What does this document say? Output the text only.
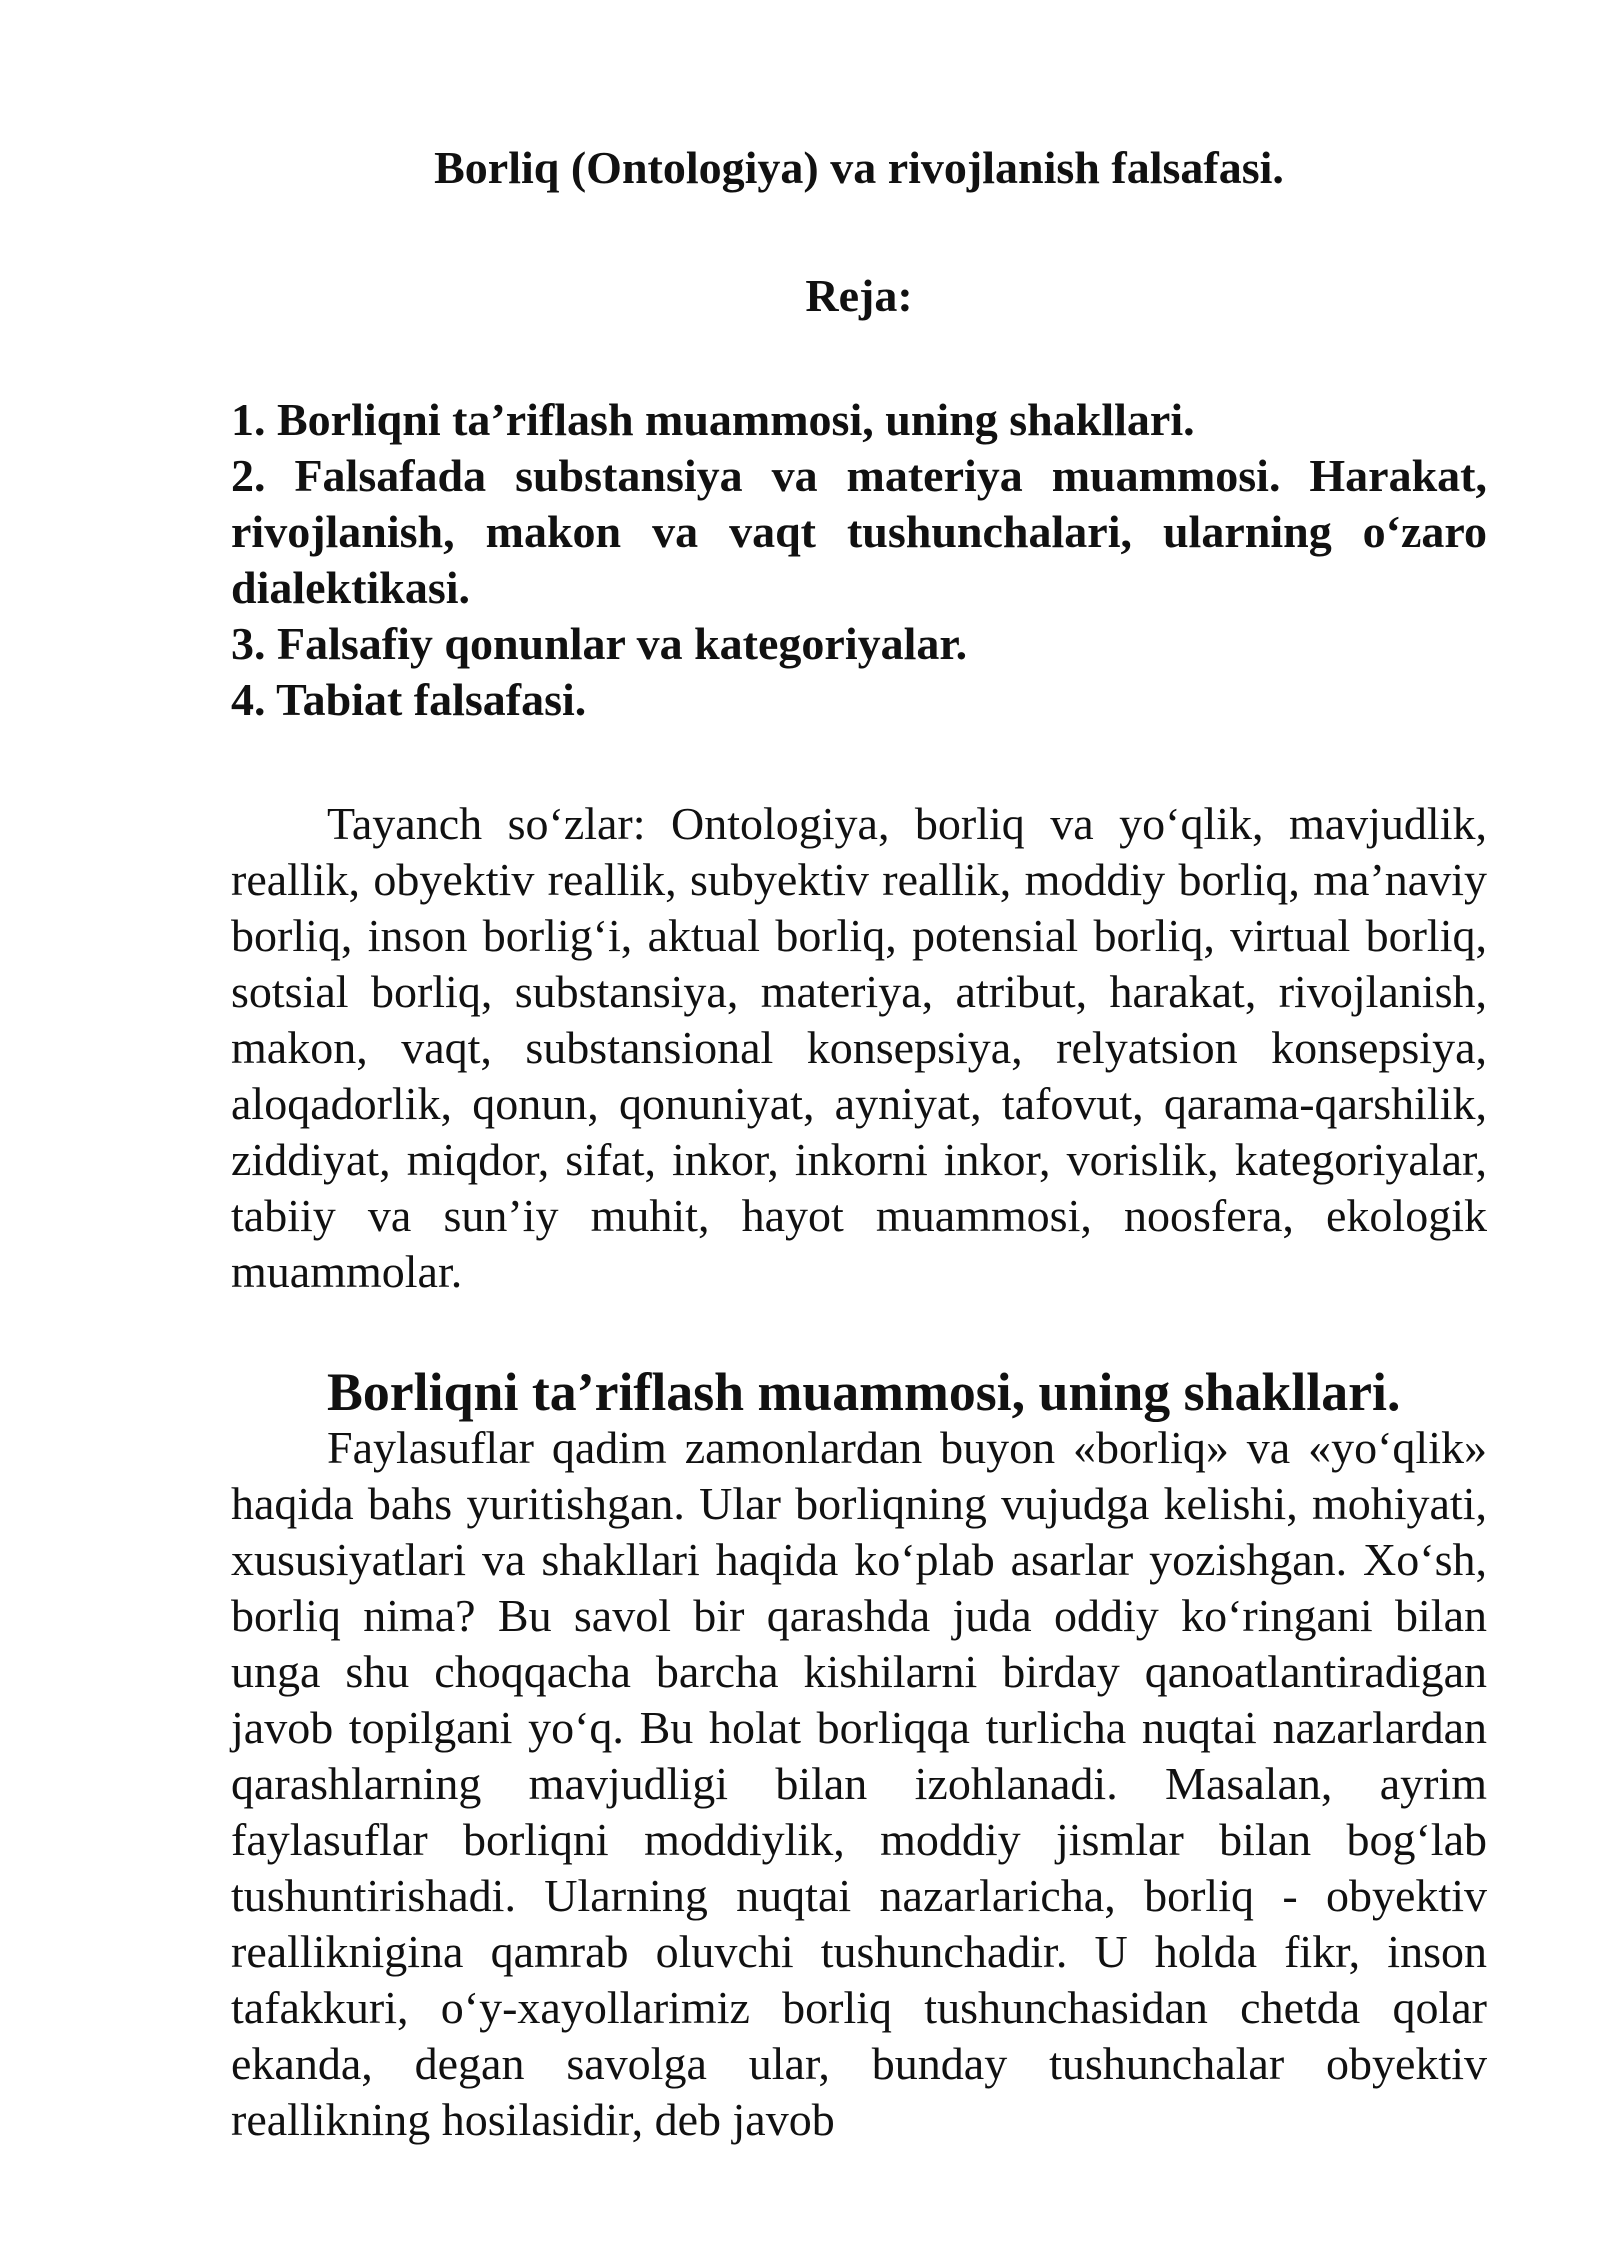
Borliq (Ontologiya) va rivojlanish falsafasi.
Reja:
1. Borliqni ta’riflash muammosi, uning shakllari.
2. Falsafada substansiya va materiya muammosi. Harakat, rivojlanish, makon va vaqt tushunchalari, ularning o‘zaro dialektikasi.
3. Falsafiy qonunlar va kategoriyalar.
4. Tabiat falsafasi.

Tayanch so‘zlar: Ontologiya, borliq va yo‘qlik, mavjudlik, reallik, obyektiv reallik, subyektiv reallik, moddiy borliq, ma’naviy borliq, inson borlig‘i, aktual borliq, potensial borliq, virtual borliq, sotsial borliq, substansiya, materiya, atribut, harakat, rivojlanish, makon, vaqt, substansional konsepsiya, relyatsion konsepsiya, aloqadorlik, qonun, qonuniyat, ayniyat, tafovut, qarama-qarshilik, ziddiyat, miqdor, sifat, inkor, inkorni inkor, vorislik, kategoriyalar, tabiiy va sun’iy muhit, hayot muammosi, noosfera, ekologik muammolar.

Borliqni ta’riflash muammosi, uning shakllari.

Faylasuflar qadim zamonlardan buyon «borliq» va «yo‘qlik» haqida bahs yuritishgan. Ular borliqning vujudga kelishi, mohiyati, xususiyatlari va shakllari haqida ko‘plab asarlar yozishgan. Xo‘sh, borliq nima? Bu savol bir qarashda juda oddiy ko‘ringani bilan unga shu choqqacha barcha kishilarni birday qanoatlantiradigan javob topilgani yo‘q. Bu holat borliqqa turlicha nuqtai nazarlardan qarashlarning mavjudligi bilan izohlanadi. Masalan, ayrim faylasuflar borliqni moddiylik, moddiy jismlar bilan bog‘lab tushuntirishadi. Ularning nuqtai nazarlaricha, borliq - obyektiv realliknigina qamrab oluvchi tushunchadir. U holda fikr, inson tafakkuri, o‘y-xayollarimiz borliq tushunchasidan chetda qolar ekanda, degan savolga ular, bunday tushunchalar obyektiv reallikning hosilasidir, deb javob
